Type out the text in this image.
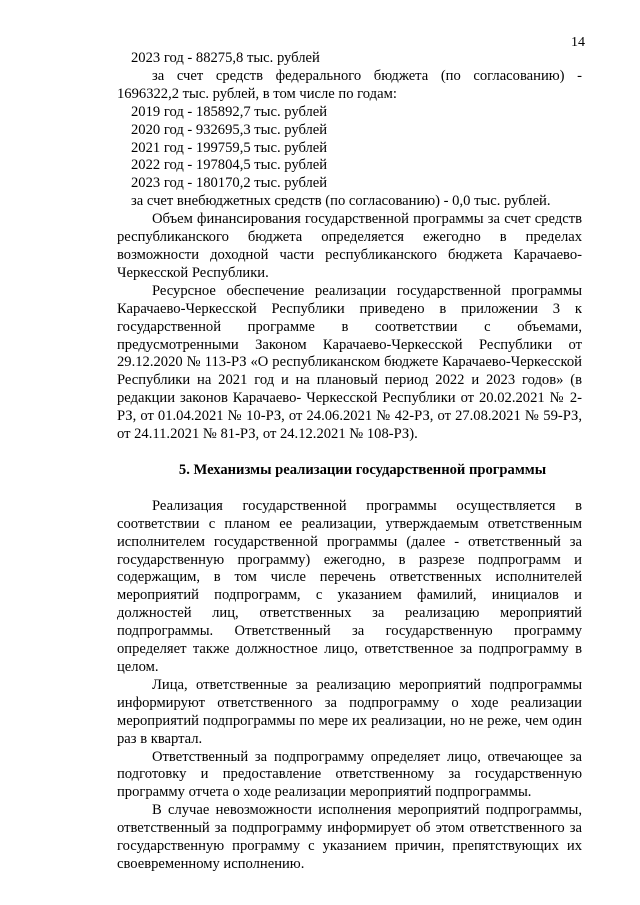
14
2023 год - 88275,8 тыс. рублей
за счет средств федерального бюджета (по согласованию) - 1696322,2 тыс. рублей, в том числе по годам:
2019 год - 185892,7 тыс. рублей
2020 год - 932695,3 тыс. рублей
2021 год - 199759,5 тыс. рублей
2022 год - 197804,5 тыс. рублей
2023 год - 180170,2 тыс. рублей
за счет внебюджетных средств (по согласованию) - 0,0 тыс. рублей.
Объем финансирования государственной программы за счет средств республиканского бюджета определяется ежегодно в пределах возможности доходной части республиканского бюджета Карачаево-Черкесской Республики.
Ресурсное обеспечение реализации государственной программы Карачаево-Черкесской Республики приведено в приложении 3 к государственной программе в соответствии с объемами, предусмотренными Законом Карачаево-Черкесской Республики от 29.12.2020 № 113-РЗ «О республиканском бюджете Карачаево-Черкесской Республики на 2021 год и на плановый период 2022 и 2023 годов» (в редакции законов Карачаево- Черкесской Республики от 20.02.2021 № 2-РЗ, от 01.04.2021 № 10-РЗ, от 24.06.2021 № 42-РЗ, от 27.08.2021 № 59-РЗ, от 24.11.2021 № 81-РЗ, от 24.12.2021 № 108-РЗ).
5. Механизмы реализации государственной программы
Реализация государственной программы осуществляется в соответствии с планом ее реализации, утверждаемым ответственным исполнителем государственной программы (далее - ответственный за государственную программу) ежегодно, в разрезе подпрограмм и содержащим, в том числе перечень ответственных исполнителей мероприятий подпрограмм, с указанием фамилий, инициалов и должностей лиц, ответственных за реализацию мероприятий подпрограммы. Ответственный за государственную программу определяет также должностное лицо, ответственное за подпрограмму в целом.
Лица, ответственные за реализацию мероприятий подпрограммы информируют ответственного за подпрограмму о ходе реализации мероприятий подпрограммы по мере их реализации, но не реже, чем один раз в квартал.
Ответственный за подпрограмму определяет лицо, отвечающее за подготовку и предоставление ответственному за государственную программу отчета о ходе реализации мероприятий подпрограммы.
В случае невозможности исполнения мероприятий подпрограммы, ответственный за подпрограмму информирует об этом ответственного за государственную программу с указанием причин, препятствующих их своевременному исполнению.
